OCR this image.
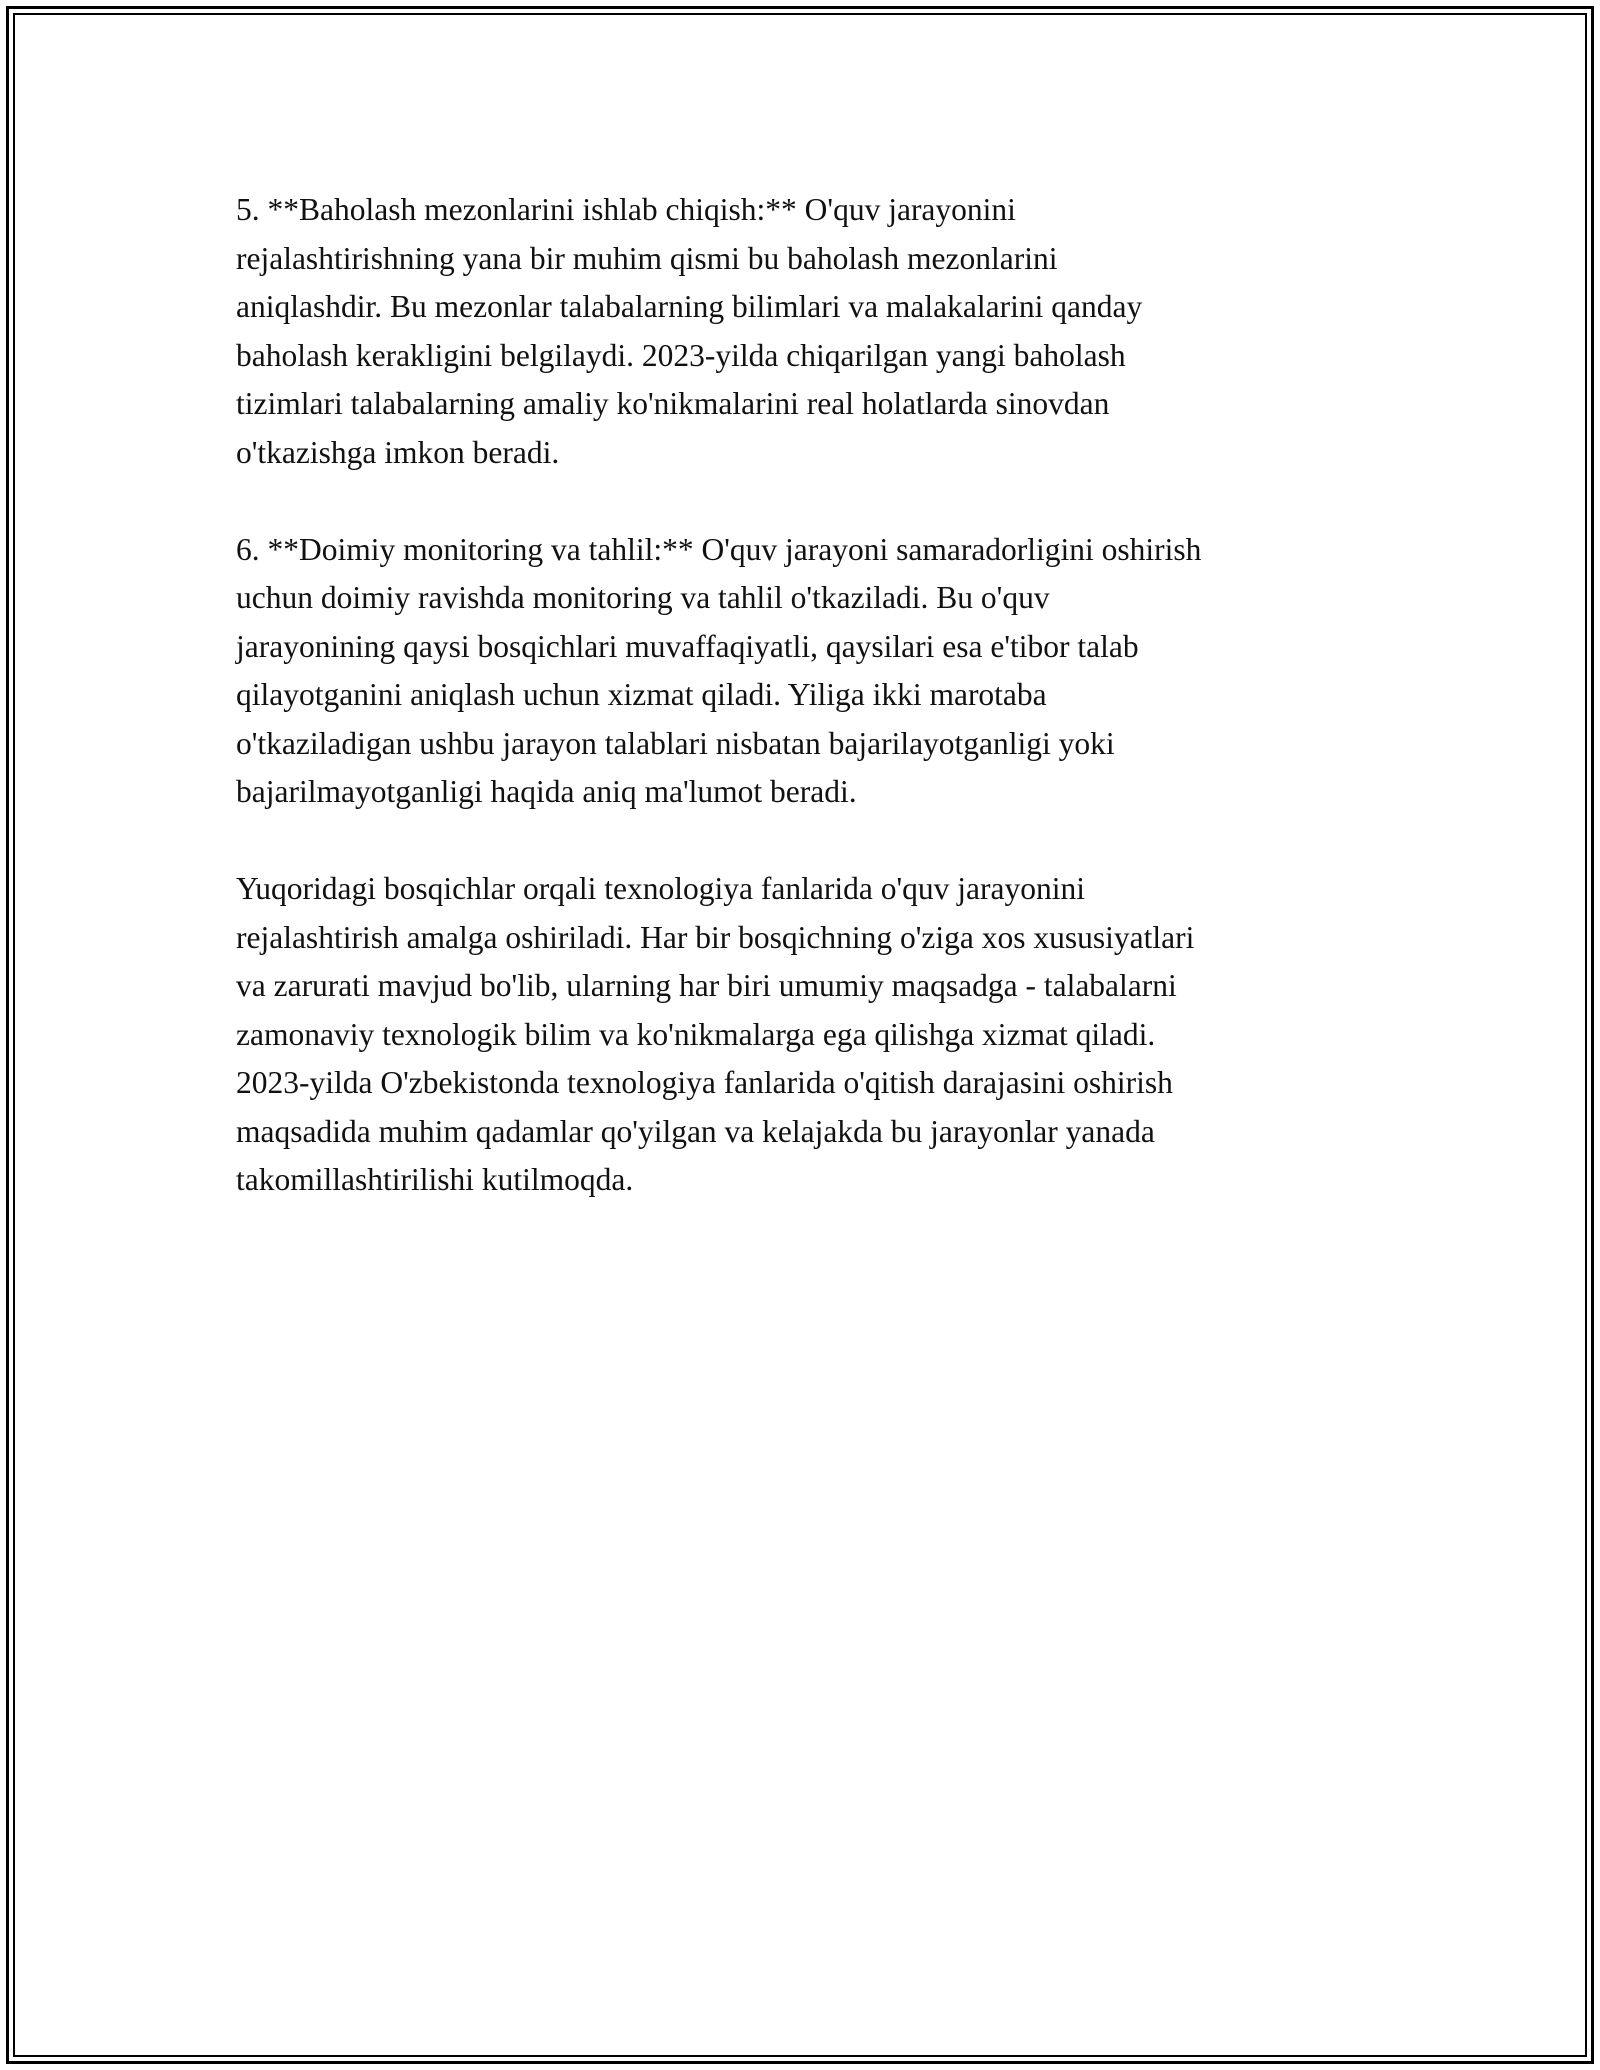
5. **Baholash mezonlarini ishlab chiqish:** O'quv jarayonini
rejalashtirishning yana bir muhim qismi bu baholash mezonlarini
aniqlashdir. Bu mezonlar talabalarning bilimlari va malakalarini qanday
baholash kerakligini belgilaydi. 2023-yilda chiqarilgan yangi baholash
tizimlari talabalarning amaliy ko'nikmalarini real holatlarda sinovdan
o'tkazishga imkon beradi.

6. **Doimiy monitoring va tahlil:** O'quv jarayoni samaradorligini oshirish
uchun doimiy ravishda monitoring va tahlil o'tkaziladi. Bu o'quv
jarayonining qaysi bosqichlari muvaffaqiyatli, qaysilari esa e'tibor talab
qilayotganini aniqlash uchun xizmat qiladi. Yiliga ikki marotaba
o'tkaziladigan ushbu jarayon talablari nisbatan bajarilayotganligi yoki
bajarilmayotganligi haqida aniq ma'lumot beradi.

Yuqoridagi bosqichlar orqali texnologiya fanlarida o'quv jarayonini
rejalashtirish amalga oshiriladi. Har bir bosqichning o'ziga xos xususiyatlari
va zarurati mavjud bo'lib, ularning har biri umumiy maqsadga - talabalarni
zamonaviy texnologik bilim va ko'nikmalarga ega qilishga xizmat qiladi.
2023-yilda O'zbekistonda texnologiya fanlarida o'qitish darajasini oshirish
maqsadida muhim qadamlar qo'yilgan va kelajakda bu jarayonlar yanada
takomillashtirilishi kutilmoqda.
